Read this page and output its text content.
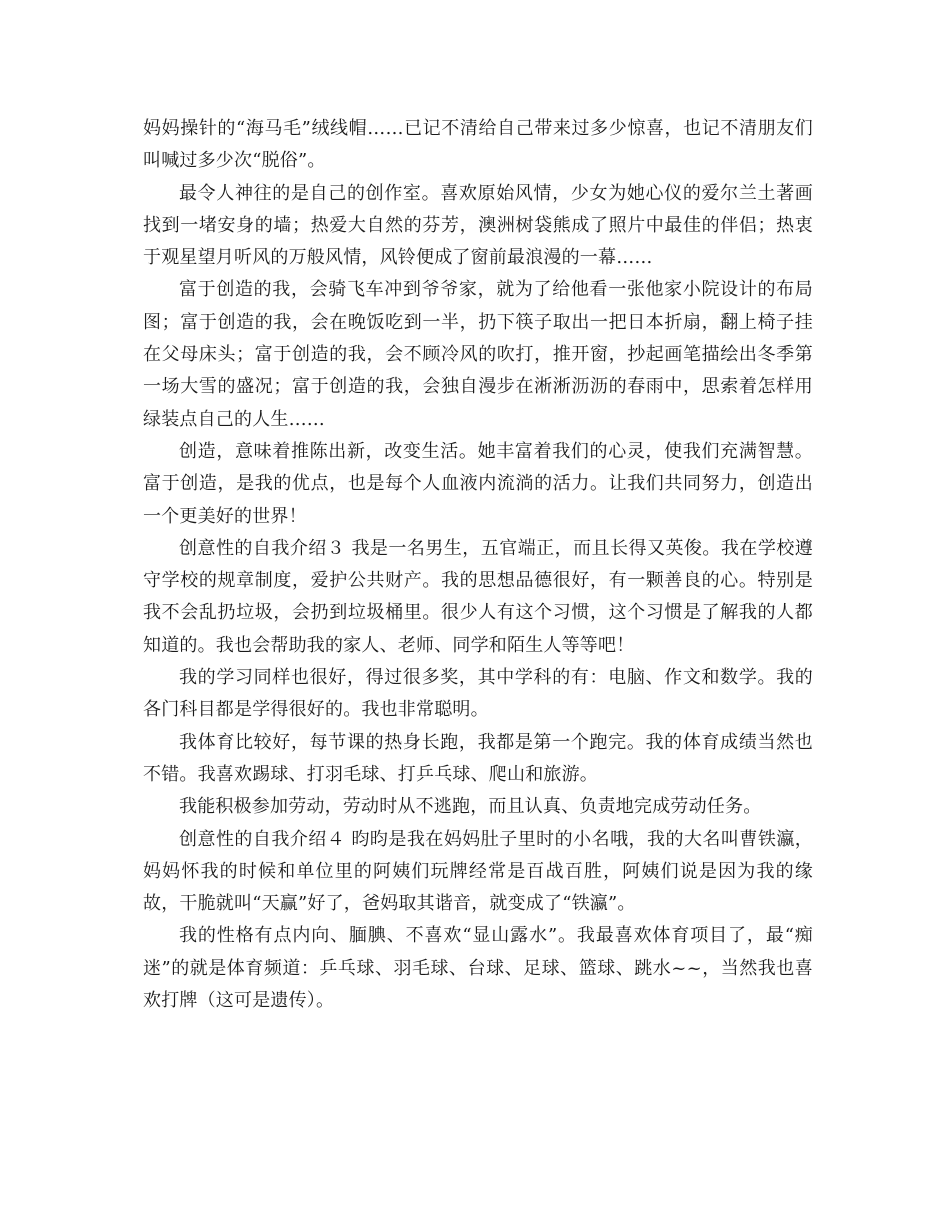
妈妈操针的“海马毛”绒线帽……已记不清给自己带来过多少惊喜，也记不清朋友们叫喊过多少次“脱俗”。

最令人神往的是自己的创作室。喜欢原始风情，少女为她心仪的爱尔兰土著画找到一堵安身的墙；热爱大自然的芬芳，澳洲树袋熊成了照片中最佳的伴侣；热衷于观星望月听风的万般风情，风铃便成了窗前最浪漫的一幕……

富于创造的我，会骑飞车冲到爷爷家，就为了给他看一张他家小院设计的布局图；富于创造的我，会在晚饭吃到一半，扔下筷子取出一把日本折扇，翻上椅子挂在父母床头；富于创造的我，会不顾冷风的吹打，推开窗，抄起画笔描绘出冬季第一场大雪的盛况；富于创造的我，会独自漫步在淅淅沥沥的春雨中，思索着怎样用绿装点自己的人生……

创造，意味着推陈出新，改变生活。她丰富着我们的心灵，使我们充满智慧。富于创造，是我的优点，也是每个人血液内流淌的活力。让我们共同努力，创造出一个更美好的世界！

创意性的自我介绍３ 我是一名男生，五官端正，而且长得又英俊。我在学校遵守学校的规章制度，爱护公共财产。我的思想品德很好，有一颗善良的心。特别是我不会乱扔垃圾，会扔到垃圾桶里。很少人有这个习惯，这个习惯是了解我的人都知道的。我也会帮助我的家人、老师、同学和陌生人等等吧！

我的学习同样也很好，得过很多奖，其中学科的有：电脑、作文和数学。我的各门科目都是学得很好的。我也非常聪明。

我体育比较好，每节课的热身长跑，我都是第一个跑完。我的体育成绩当然也不错。我喜欢踢球、打羽毛球、打乒乓球、爬山和旅游。

我能积极参加劳动，劳动时从不逃跑，而且认真、负责地完成劳动任务。

创意性的自我介绍４ 昀昀是我在妈妈肚子里时的小名哦，我的大名叫曹铁瀛，妈妈怀我的时候和单位里的阿姨们玩牌经常是百战百胜，阿姨们说是因为我的缘故，干脆就叫“天赢”好了，爸妈取其谐音，就变成了“铁瀛”。

我的性格有点内向、腼腆、不喜欢“显山露水”。我最喜欢体育项目了，最“痴迷”的就是体育频道：乒乓球、羽毛球、台球、足球、篮球、跳水~~，当然我也喜欢打牌（这可是遗传）。
